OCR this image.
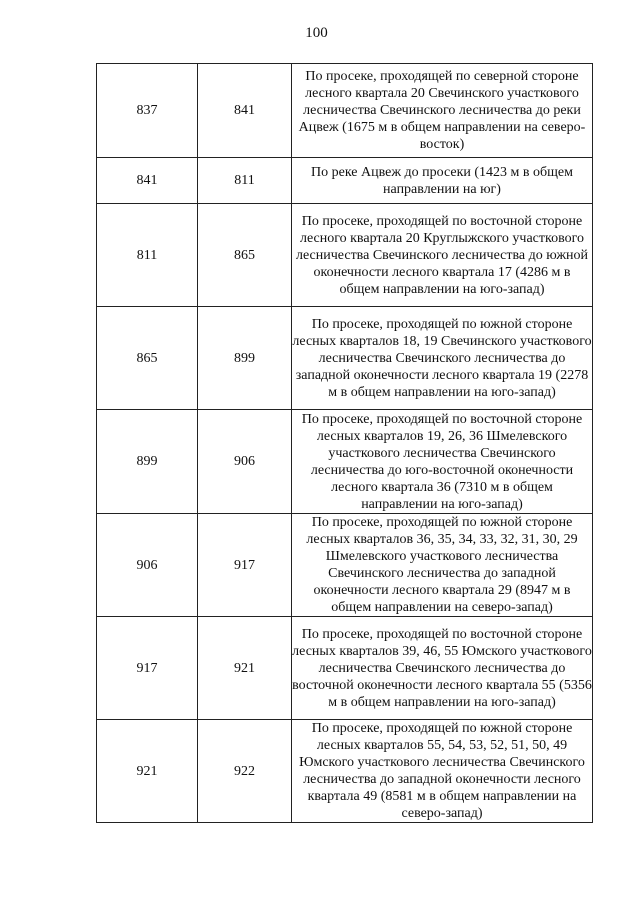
100
837	841	По просеке, проходящей по северной стороне лесного квартала 20 Свечинского участкового лесничества Свечинского лесничества до реки Ацвеж (1675 м в общем направлении на северо-восток)
841	811	По реке Ацвеж до просеки (1423 м в общем направлении на юг)
811	865	По просеке, проходящей по восточной стороне лесного квартала 20 Круглыжского участкового лесничества Свечинского лесничества до южной оконечности лесного квартала 17 (4286 м в общем направлении на юго-запад)
865	899	По просеке, проходящей по южной стороне лесных кварталов 18, 19 Свечинского участкового лесничества Свечинского лесничества до западной оконечности лесного квартала 19 (2278 м в общем направлении на юго-запад)
899	906	По просеке, проходящей по восточной стороне лесных кварталов 19, 26, 36 Шмелевского участкового лесничества Свечинского лесничества до юго-восточной оконечности лесного квартала 36 (7310 м в общем направлении на юго-запад)
906	917	По просеке, проходящей по южной стороне лесных кварталов 36, 35, 34, 33, 32, 31, 30, 29 Шмелевского участкового лесничества Свечинского лесничества до западной оконечности лесного квартала 29 (8947 м в общем направлении на северо-запад)
917	921	По просеке, проходящей по восточной стороне лесных кварталов 39, 46, 55 Юмского участкового лесничества Свечинского лесничества до восточной оконечности лесного квартала 55 (5356 м в общем направлении на юго-запад)
921	922	По просеке, проходящей по южной стороне лесных кварталов 55, 54, 53, 52, 51, 50, 49 Юмского участкового лесничества Свечинского лесничества до западной оконечности лесного квартала 49 (8581 м в общем направлении на северо-запад)
